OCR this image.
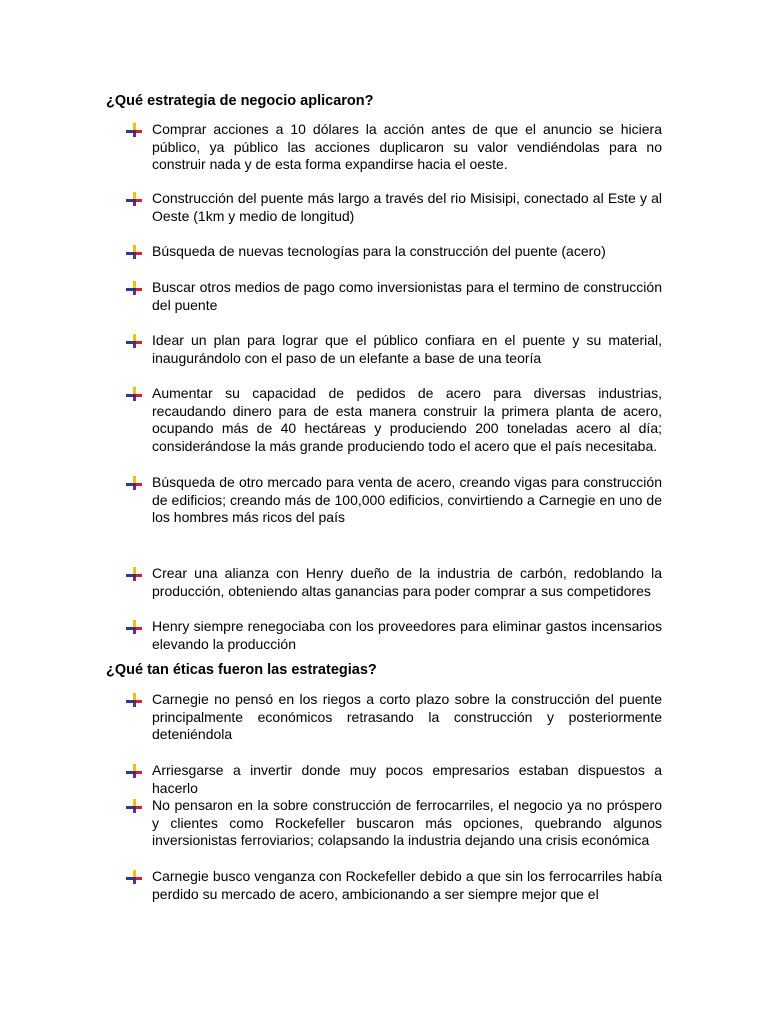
¿Qué estrategia de negocio aplicaron?
Comprar acciones a 10 dólares la acción antes de que el anuncio se hiciera público, ya público las acciones duplicaron su valor vendiéndolas para no construir nada y de esta forma expandirse hacia el oeste.
Construcción del puente más largo a través del rio Misisipi, conectado al Este y al Oeste (1km y medio de longitud)
Búsqueda de nuevas tecnologías para la construcción del puente (acero)
Buscar otros medios de pago como inversionistas para el termino de construcción del puente
Idear un plan para lograr que el público confiara en el puente y su material, inaugurándolo con el paso de un elefante a base de una teoría
Aumentar su capacidad de pedidos de acero para diversas industrias, recaudando dinero para de esta manera construir la primera planta de acero, ocupando más de 40 hectáreas y produciendo 200 toneladas acero al día; considerándose la más grande produciendo todo el acero que el país necesitaba.
Búsqueda de otro mercado para venta de acero, creando vigas para construcción de edificios; creando más de 100,000 edificios, convirtiendo a Carnegie en uno de los hombres más ricos del país
Crear una alianza con Henry dueño de la industria de carbón, redoblando la producción, obteniendo altas ganancias para poder comprar a sus competidores
Henry siempre renegociaba con los proveedores para eliminar gastos incensarios elevando la producción
¿Qué tan éticas fueron las estrategias?
Carnegie no pensó en los riegos a corto plazo sobre la construcción del puente principalmente económicos retrasando la construcción y posteriormente deteniéndola
Arriesgarse a invertir donde muy pocos empresarios estaban dispuestos a hacerlo
No pensaron en la sobre construcción de ferrocarriles, el negocio ya no próspero y clientes como Rockefeller buscaron más opciones, quebrando algunos inversionistas ferroviarios; colapsando la industria dejando una crisis económica
Carnegie busco venganza con Rockefeller debido a que sin los ferrocarriles había perdido su mercado de acero, ambicionando a ser siempre mejor que el
